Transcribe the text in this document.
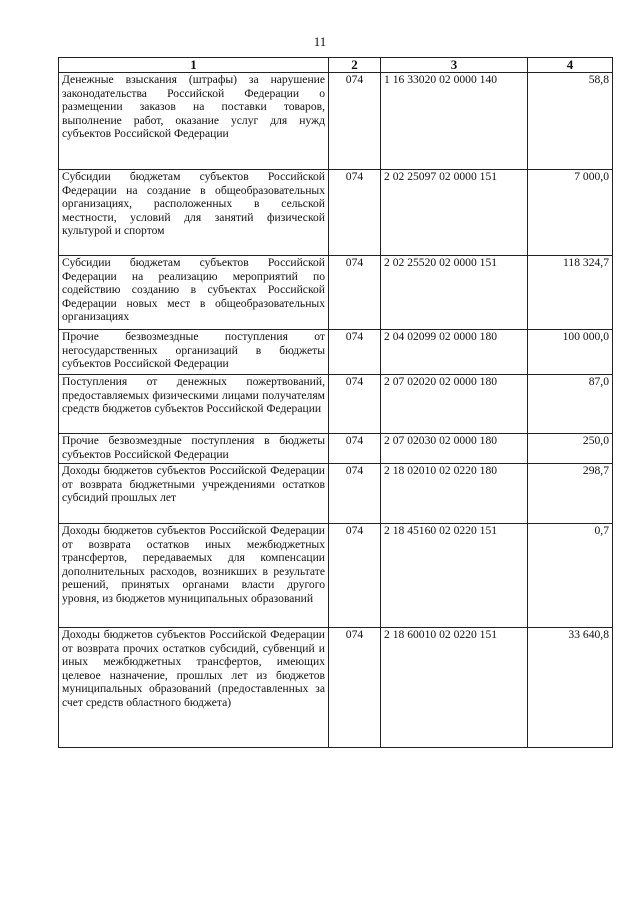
11
1	2	3	4
Денежные взыскания (штрафы) за нарушение законодательства Российской Федерации о размещении заказов на поставки товаров, выполнение работ, оказание услуг для нужд субъектов Российской Федерации	074	1 16 33020 02 0000 140	58,8
Субсидии бюджетам субъектов Российской Федерации на создание в общеобразовательных организациях, расположенных в сельской местности, условий для занятий физической культурой и спортом	074	2 02 25097 02 0000 151	7 000,0
Субсидии бюджетам субъектов Российской Федерации на реализацию мероприятий по содействию созданию в субъектах Российской Федерации новых мест в общеобразовательных организациях	074	2 02 25520 02 0000 151	118 324,7
Прочие безвозмездные поступления от негосударственных организаций в бюджеты субъектов Российской Федерации	074	2 04 02099 02 0000 180	100 000,0
Поступления от денежных пожертвований, предоставляемых физическими лицами получателям средств бюджетов субъектов Российской Федерации	074	2 07 02020 02 0000 180	87,0
Прочие безвозмездные поступления в бюджеты субъектов Российской Федерации	074	2 07 02030 02 0000 180	250,0
Доходы бюджетов субъектов Российской Федерации от возврата бюджетными учреждениями остатков субсидий прошлых лет	074	2 18 02010 02 0220 180	298,7
Доходы бюджетов субъектов Российской Федерации от возврата остатков иных межбюджетных трансфертов, передаваемых для компенсации дополнительных расходов, возникших в результате решений, принятых органами власти другого уровня, из бюджетов муниципальных образований	074	2 18 45160 02 0220 151	0,7
Доходы бюджетов субъектов Российской Федерации от возврата прочих остатков субсидий, субвенций и иных межбюджетных трансфертов, имеющих целевое назначение, прошлых лет из бюджетов муниципальных образований (предоставленных за счет средств областного бюджета)	074	2 18 60010 02 0220 151	33 640,8
